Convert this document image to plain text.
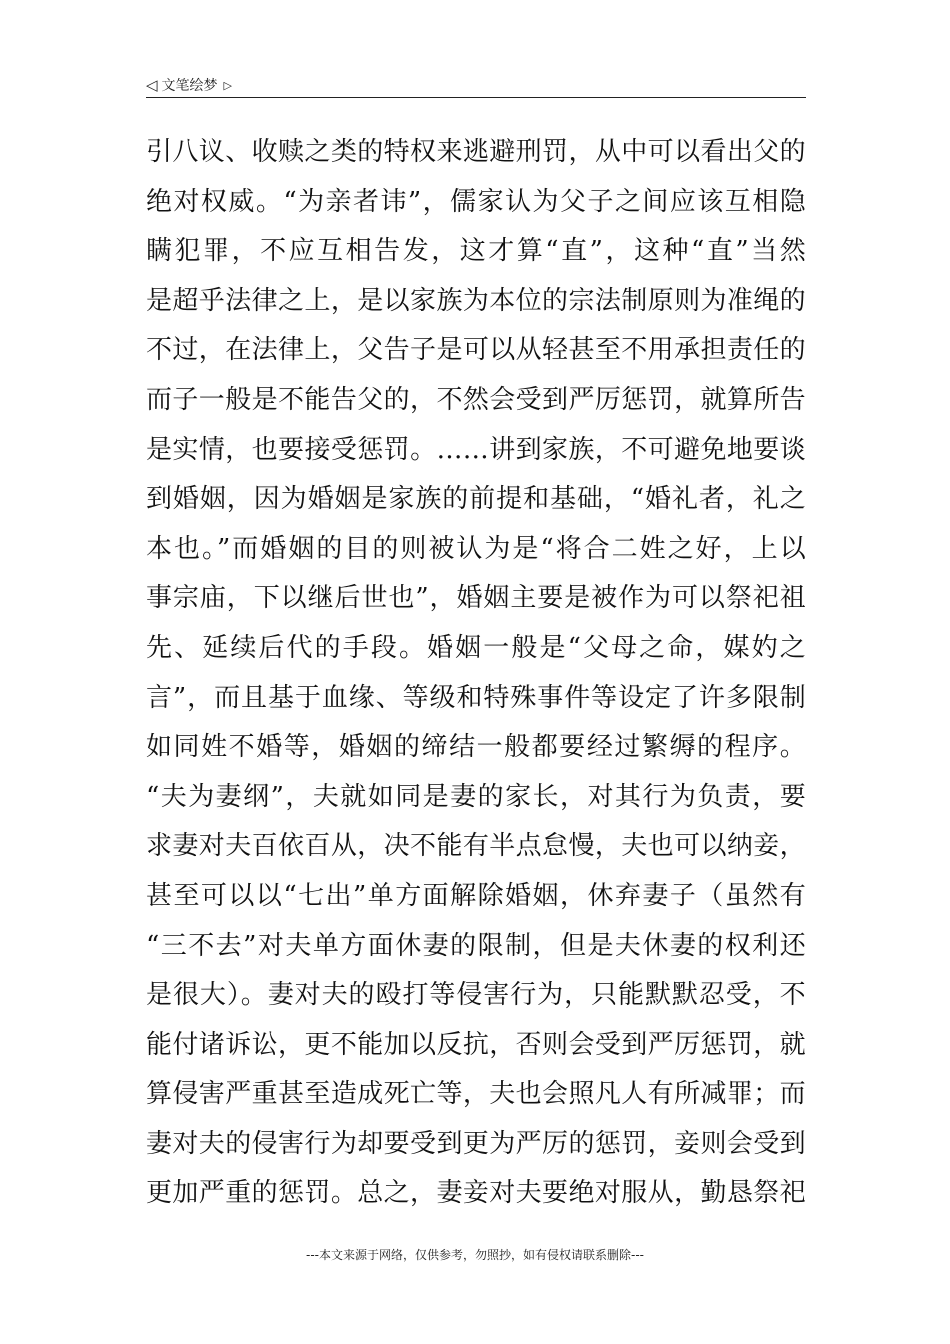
◁ 文笔绘梦 ▷
引八议、收赎之类的特权来逃避刑罚，从中可以看出父的
绝对权威。“为亲者讳”，儒家认为父子之间应该互相隐
瞒犯罪，不应互相告发，这才算“直”，这种“直”当然
是超乎法律之上，是以家族为本位的宗法制原则为准绳的
不过，在法律上，父告子是可以从轻甚至不用承担责任的
而子一般是不能告父的，不然会受到严厉惩罚，就算所告
是实情，也要接受惩罚。……讲到家族，不可避免地要谈
到婚姻，因为婚姻是家族的前提和基础，“婚礼者，礼之
本也。”而婚姻的目的则被认为是“将合二姓之好，上以
事宗庙，下以继后世也”，婚姻主要是被作为可以祭祀祖
先、延续后代的手段。婚姻一般是“父母之命，媒妁之
言”，而且基于血缘、等级和特殊事件等设定了许多限制
如同姓不婚等，婚姻的缔结一般都要经过繁缛的程序。
“夫为妻纲”，夫就如同是妻的家长，对其行为负责，要
求妻对夫百依百从，决不能有半点怠慢，夫也可以纳妾，
甚至可以以“七出”单方面解除婚姻，休弃妻子（虽然有
“三不去”对夫单方面休妻的限制，但是夫休妻的权利还
是很大）。妻对夫的殴打等侵害行为，只能默默忍受，不
能付诸诉讼，更不能加以反抗，否则会受到严厉惩罚，就
算侵害严重甚至造成死亡等，夫也会照凡人有所减罪；而
妻对夫的侵害行为却要受到更为严厉的惩罚，妾则会受到
更加严重的惩罚。总之，妻妾对夫要绝对服从，勤恳祭祀
---本文来源于网络，仅供参考，勿照抄，如有侵权请联系删除---
